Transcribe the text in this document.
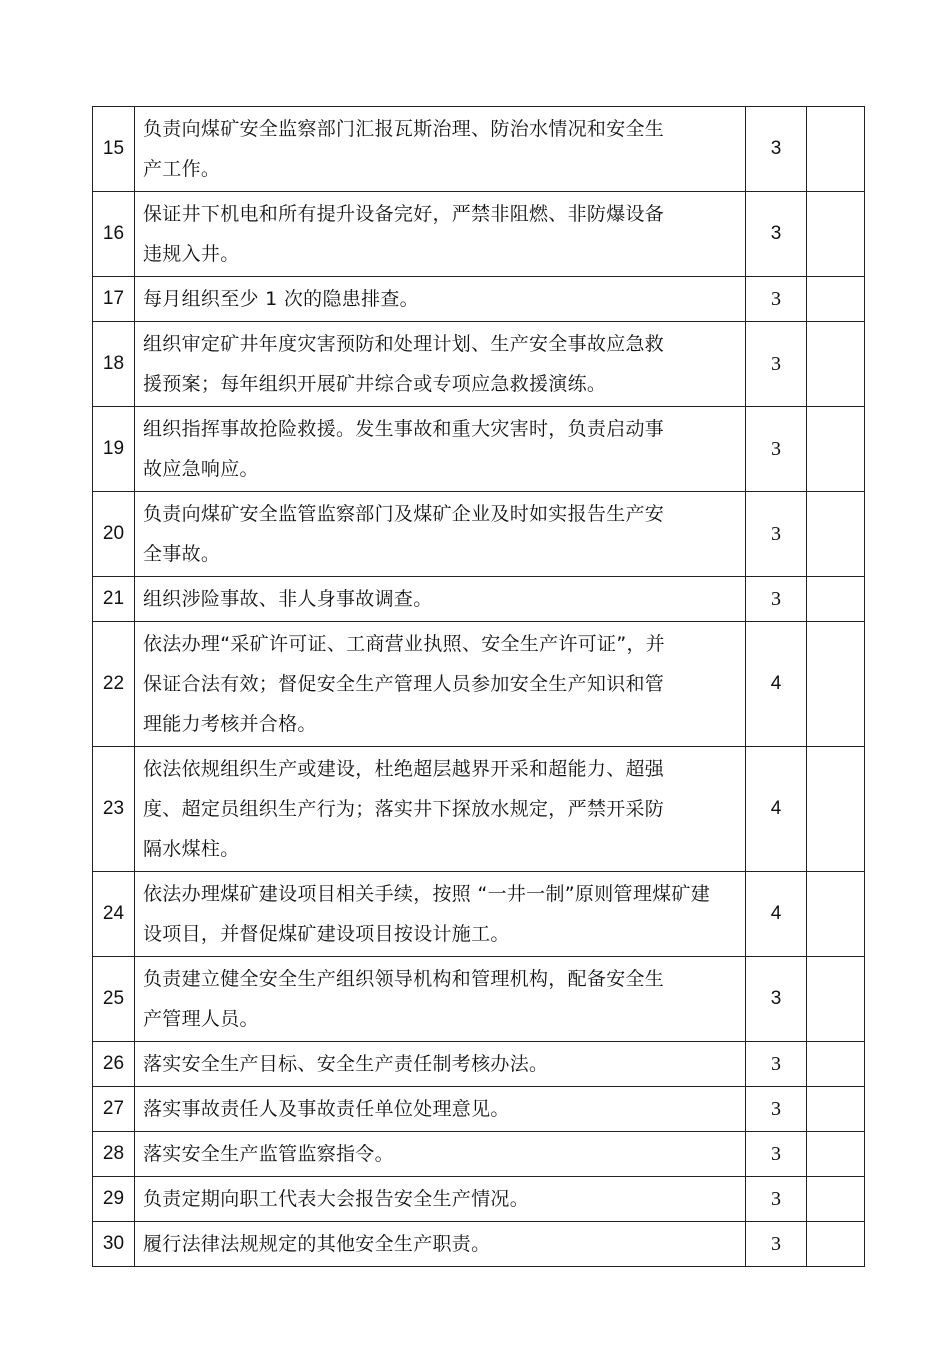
15	负责向煤矿安全监察部门汇报瓦斯治理、防治水情况和安全生产工作。	3	
16	保证井下机电和所有提升设备完好，严禁非阻燃、非防爆设备违规入井。	3	
17	每月组织至少 1 次的隐患排查。	3	
18	组织审定矿井年度灾害预防和处理计划、生产安全事故应急救援预案；每年组织开展矿井综合或专项应急救援演练。	3	
19	组织指挥事故抢险救援。发生事故和重大灾害时，负责启动事故应急响应。	3	
20	负责向煤矿安全监管监察部门及煤矿企业及时如实报告生产安全事故。	3	
21	组织涉险事故、非人身事故调查。	3	
22	依法办理“采矿许可证、工商营业执照、安全生产许可证”，并保证合法有效；督促安全生产管理人员参加安全生产知识和管理能力考核并合格。	4	
23	依法依规组织生产或建设，杜绝超层越界开采和超能力、超强度、超定员组织生产行为；落实井下探放水规定，严禁开采防隔水煤柱。	4	
24	依法办理煤矿建设项目相关手续，按照 “一井一制”原则管理煤矿建设项目，并督促煤矿建设项目按设计施工。	4	
25	负责建立健全安全生产组织领导机构和管理机构，配备安全生产管理人员。	3	
26	落实安全生产目标、安全生产责任制考核办法。	3	
27	落实事故责任人及事故责任单位处理意见。	3	
28	落实安全生产监管监察指令。	3	
29	负责定期向职工代表大会报告安全生产情况。	3	
30	履行法律法规规定的其他安全生产职责。	3	
